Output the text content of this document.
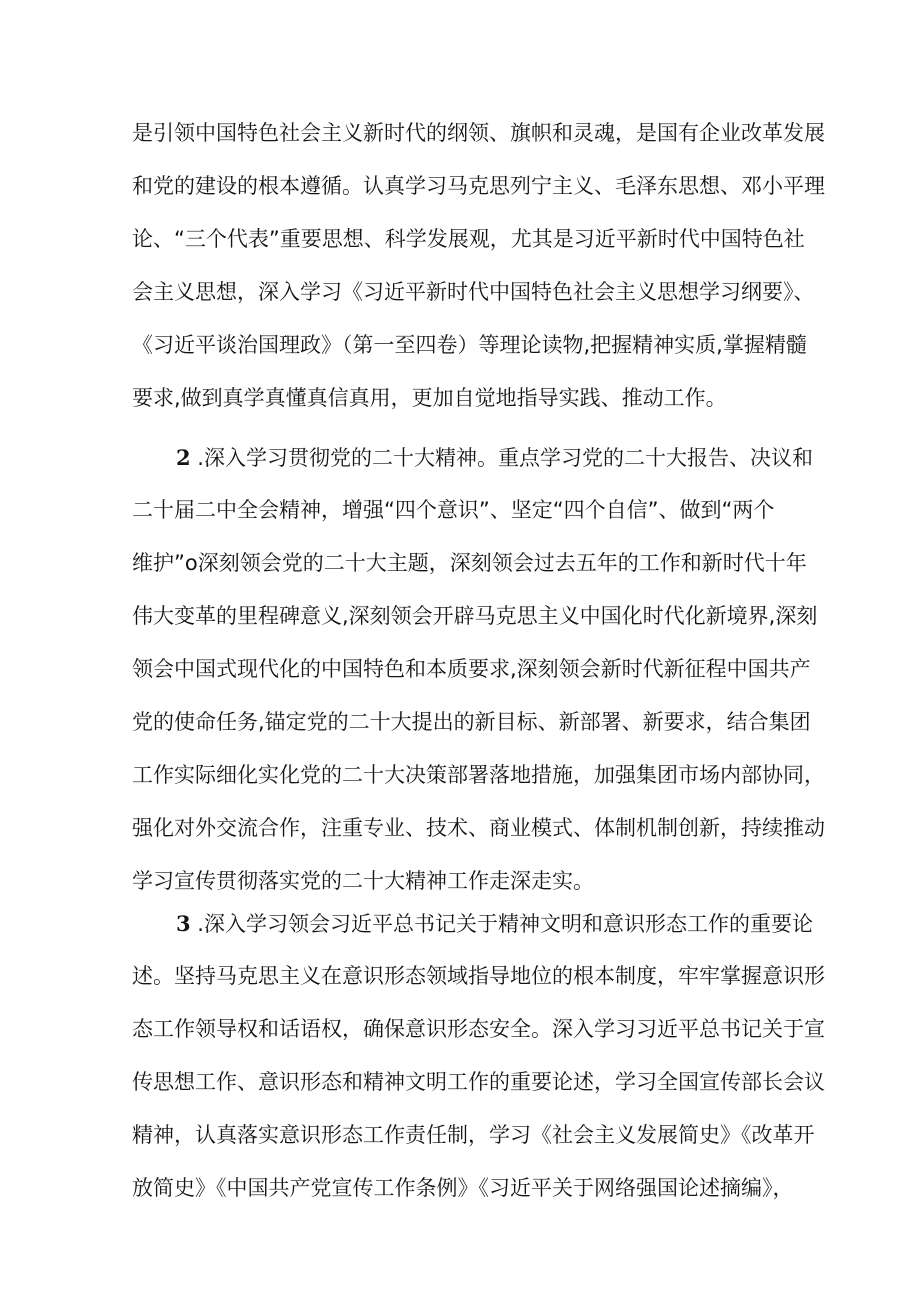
是引领中国特色社会主义新时代的纲领、旗帜和灵魂，是国有企业改革发展
和党的建设的根本遵循。认真学习马克思列宁主义、毛泽东思想、邓小平理
论、“三个代表”重要思想、科学发展观，尤其是习近平新时代中国特色社
会主义思想，深入学习《习近平新时代中国特色社会主义思想学习纲要》、
《习近平谈治国理政》（第一至四卷）等理论读物,把握精神实质,掌握精髓
要求,做到真学真懂真信真用，更加自觉地指导实践、推动工作。
2 .深入学习贯彻党的二十大精神。重点学习党的二十大报告、决议和
二十届二中全会精神，增强“四个意识”、坚定“四个自信”、做到“两个
维护”o深刻领会党的二十大主题，深刻领会过去五年的工作和新时代十年
伟大变革的里程碑意义,深刻领会开辟马克思主义中国化时代化新境界,深刻
领会中国式现代化的中国特色和本质要求,深刻领会新时代新征程中国共产
党的使命任务,锚定党的二十大提出的新目标、新部署、新要求，结合集团
工作实际细化实化党的二十大决策部署落地措施，加强集团市场内部协同，
强化对外交流合作，注重专业、技术、商业模式、体制机制创新，持续推动
学习宣传贯彻落实党的二十大精神工作走深走实。
3 .深入学习领会习近平总书记关于精神文明和意识形态工作的重要论
述。坚持马克思主义在意识形态领域指导地位的根本制度，牢牢掌握意识形
态工作领导权和话语权，确保意识形态安全。深入学习习近平总书记关于宣
传思想工作、意识形态和精神文明工作的重要论述，学习全国宣传部长会议
精神，认真落实意识形态工作责任制，学习《社会主义发展简史》《改革开
放简史》《中国共产党宣传工作条例》《习近平关于网络强国论述摘编》，
